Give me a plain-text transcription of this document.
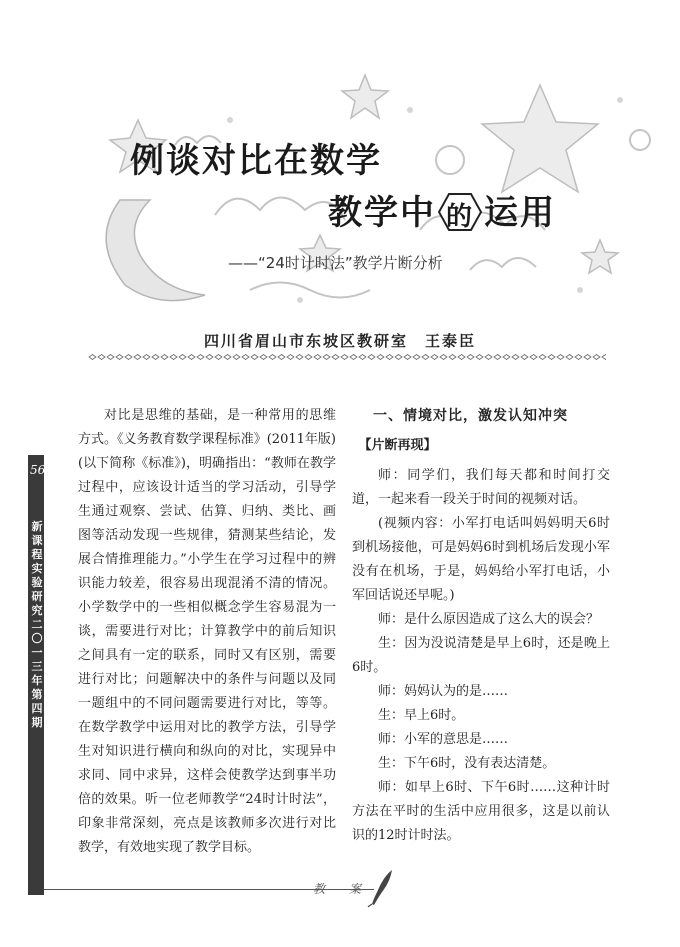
例谈对比在数学
教学中 的 运用
——“24时计时法”教学片断分析
四川省眉山市东坡区教研室　王泰臣
56
新课程实验研究　二〇一三年　第四期

对比是思维的基础，是一种常用的思维方式。《义务教育数学课程标准》(2011年版)(以下简称《标准》)，明确指出：“教师在教学过程中，应该设计适当的学习活动，引导学生通过观察、尝试、估算、归纳、类比、画图等活动发现一些规律，猜测某些结论，发展合情推理能力。”小学生在学习过程中的辨识能力较差，很容易出现混淆不清的情况。小学数学中的一些相似概念学生容易混为一谈，需要进行对比；计算教学中的前后知识之间具有一定的联系，同时又有区别，需要进行对比；问题解决中的条件与问题以及同一题组中的不同问题需要进行对比，等等。在数学教学中运用对比的教学方法，引导学生对知识进行横向和纵向的对比，实现异中求同、同中求异，这样会使教学达到事半功倍的效果。听一位老师教学“24时计时法”，印象非常深刻，亮点是该教师多次进行对比教学，有效地实现了教学目标。

一、情境对比，激发认知冲突
【片断再现】

师：同学们，我们每天都和时间打交道，一起来看一段关于时间的视频对话。

(视频内容：小军打电话叫妈妈明天6时到机场接他，可是妈妈6时到机场后发现小军没有在机场，于是，妈妈给小军打电话，小军回话说还早呢。)

师：是什么原因造成了这么大的误会？

生：因为没说清楚是早上6时，还是晚上6时。

师：妈妈认为的是……

生：早上6时。

师：小军的意思是……

生：下午6时，没有表达清楚。

师：如早上6时、下午6时……这种计时方法在平时的生活中应用很多，这是以前认识的12时计时法。

教　案
